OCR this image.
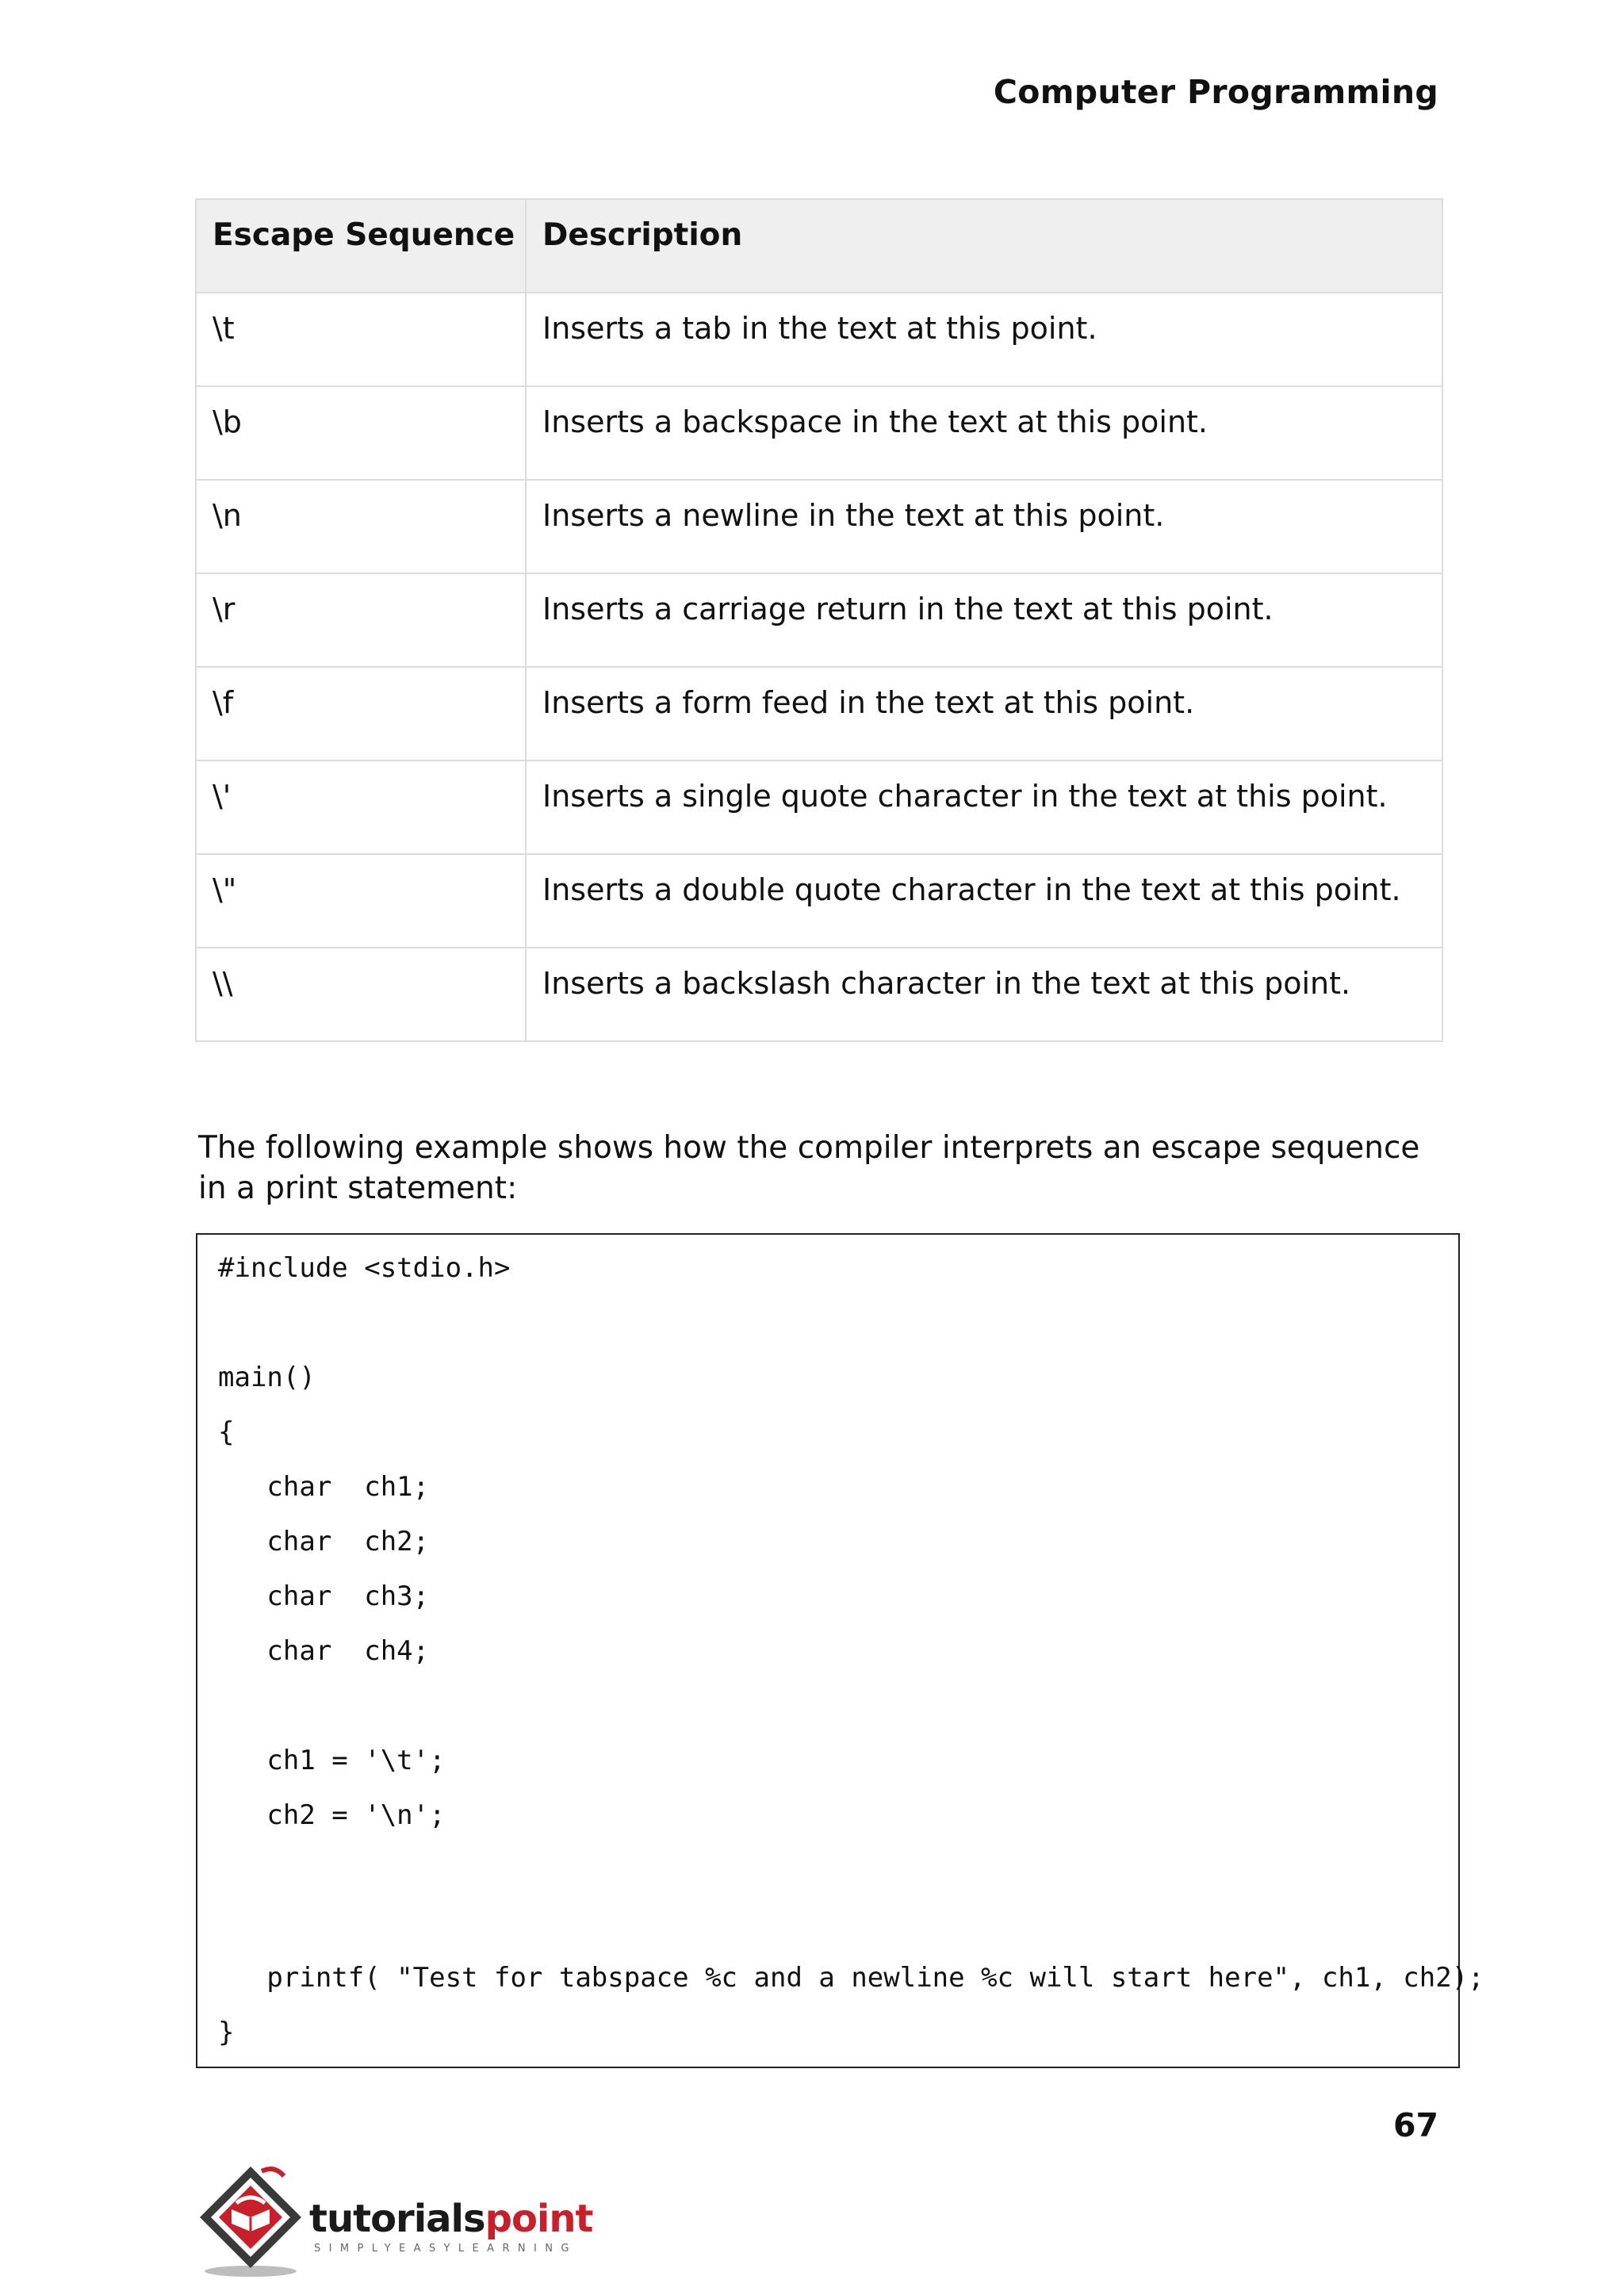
Computer Programming
Escape Sequence	Description
\t	Inserts a tab in the text at this point.
\b	Inserts a backspace in the text at this point.
\n	Inserts a newline in the text at this point.
\r	Inserts a carriage return in the text at this point.
\f	Inserts a form feed in the text at this point.
\'	Inserts a single quote character in the text at this point.
\"	Inserts a double quote character in the text at this point.
\\	Inserts a backslash character in the text at this point.

The following example shows how the compiler interprets an escape sequence in a print statement:

#include <stdio.h>
main()
{
char  ch1;
char  ch2;
char  ch3;
char  ch4;
ch1 = '\t';
ch2 = '\n';
printf( "Test for tabspace %c and a newline %c will start here", ch1, ch2);
}
67
tutorialspoint
SIMPLYEASYLEARNING
